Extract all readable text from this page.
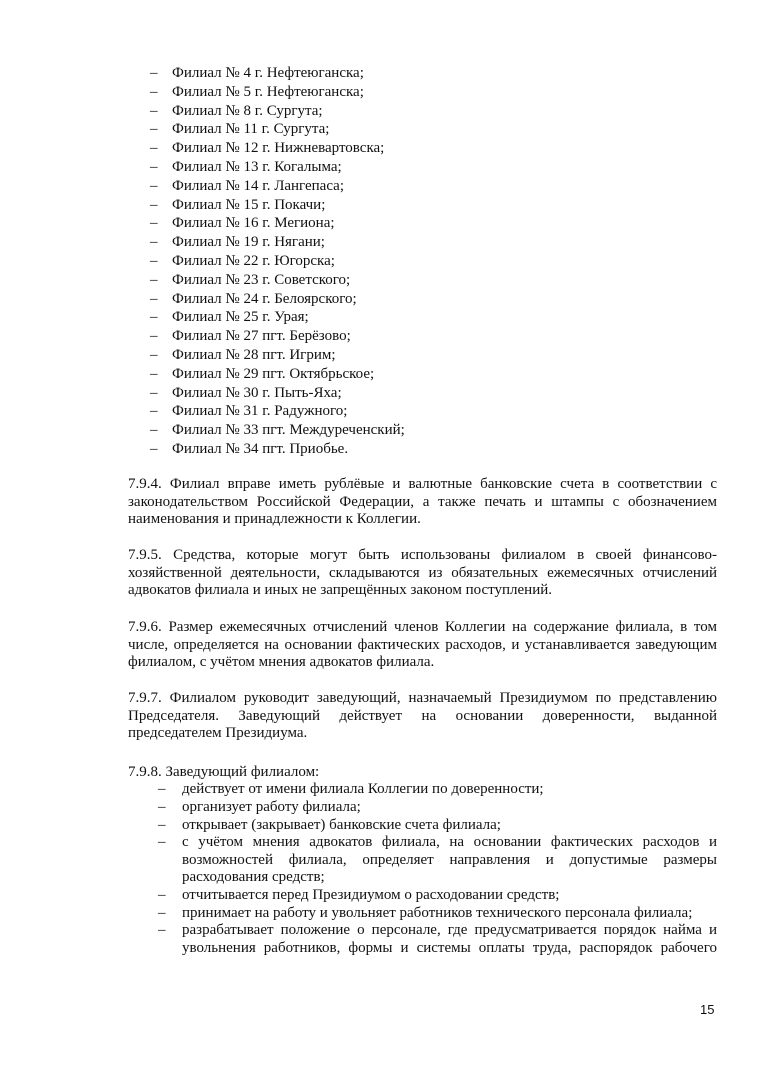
– Филиал № 4 г. Нефтеюганска;
– Филиал № 5 г. Нефтеюганска;
– Филиал № 8 г. Сургута;
– Филиал № 11 г. Сургута;
– Филиал № 12 г. Нижневартовска;
– Филиал № 13 г. Когалыма;
– Филиал № 14 г. Лангепаса;
– Филиал № 15 г. Покачи;
– Филиал № 16 г. Мегиона;
– Филиал № 19 г. Нягани;
– Филиал № 22 г. Югорска;
– Филиал № 23 г. Советского;
– Филиал № 24 г. Белоярского;
– Филиал № 25 г. Урая;
– Филиал № 27 пгт. Берёзово;
– Филиал № 28 пгт. Игрим;
– Филиал № 29 пгт. Октябрьское;
– Филиал № 30 г. Пыть-Яха;
– Филиал № 31 г. Радужного;
– Филиал № 33 пгт. Междуреченский;
– Филиал № 34 пгт. Приобье.

7.9.4. Филиал вправе иметь рублёвые и валютные банковские счета в соответствии с законодательством Российской Федерации, а также печать и штампы с обозначением наименования и принадлежности к Коллегии.

7.9.5. Средства, которые могут быть использованы филиалом в своей финансово-хозяйственной деятельности, складываются из обязательных ежемесячных отчислений адвокатов филиала и иных не запрещённых законом поступлений.

7.9.6. Размер ежемесячных отчислений членов Коллегии на содержание филиала, в том числе, определяется на основании фактических расходов, и устанавливается заведующим филиалом, с учётом мнения адвокатов филиала.

7.9.7. Филиалом руководит заведующий, назначаемый Президиумом по представлению Председателя. Заведующий действует на основании доверенности, выданной председателем Президиума.

7.9.8. Заведующий филиалом:

–	действует от имени филиала Коллегии по доверенности;
–	организует работу филиала;
–	открывает (закрывает) банковские счета филиала;
–	с учётом мнения адвокатов филиала, на основании фактических расходов и возможностей филиала, определяет направления и допустимые размеры расходования средств;
–	отчитывается перед Президиумом о расходовании средств;
–	принимает на работу и увольняет работников технического персонала филиала;
–	разрабатывает положение о персонале, где предусматривается порядок найма и увольнения работников, формы и системы оплаты труда, распорядок рабочего
15
